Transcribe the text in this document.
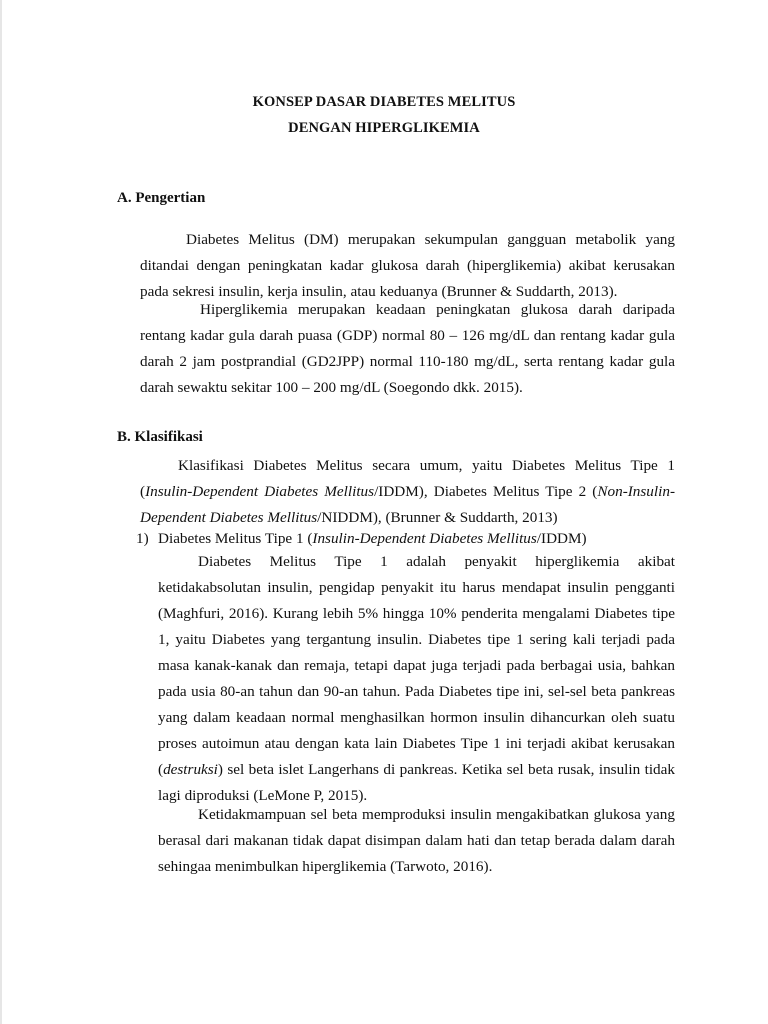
KONSEP DASAR DIABETES MELITUS
DENGAN HIPERGLIKEMIA
A. Pengertian

Diabetes Melitus (DM) merupakan sekumpulan gangguan metabolik yang ditandai dengan peningkatan kadar glukosa darah (hiperglikemia) akibat kerusakan pada sekresi insulin, kerja insulin, atau keduanya (Brunner & Suddarth, 2013).

Hiperglikemia merupakan keadaan peningkatan glukosa darah daripada rentang kadar gula darah puasa (GDP) normal 80 – 126 mg/dL dan rentang kadar gula darah 2 jam postprandial (GD2JPP) normal 110-180 mg/dL, serta rentang kadar gula darah sewaktu sekitar 100 – 200 mg/dL (Soegondo dkk. 2015).

B. Klasifikasi

Klasifikasi Diabetes Melitus secara umum, yaitu Diabetes Melitus Tipe 1 (Insulin-Dependent Diabetes Mellitus/IDDM), Diabetes Melitus Tipe 2 (Non-Insulin-Dependent Diabetes Mellitus/NIDDM), (Brunner & Suddarth, 2013)

1) Diabetes Melitus Tipe 1 (Insulin-Dependent Diabetes Mellitus/IDDM)

Diabetes Melitus Tipe 1 adalah penyakit hiperglikemia akibat ketidakabsolutan insulin, pengidap penyakit itu harus mendapat insulin pengganti (Maghfuri, 2016). Kurang lebih 5% hingga 10% penderita mengalami Diabetes tipe 1, yaitu Diabetes yang tergantung insulin. Diabetes tipe 1 sering kali terjadi pada masa kanak-kanak dan remaja, tetapi dapat juga terjadi pada berbagai usia, bahkan pada usia 80-an tahun dan 90-an tahun. Pada Diabetes tipe ini, sel-sel beta pankreas yang dalam keadaan normal menghasilkan hormon insulin dihancurkan oleh suatu proses autoimun atau dengan kata lain Diabetes Tipe 1 ini terjadi akibat kerusakan (destruksi) sel beta islet Langerhans di pankreas. Ketika sel beta rusak, insulin tidak lagi diproduksi (LeMone P, 2015).

Ketidakmampuan sel beta memproduksi insulin mengakibatkan glukosa yang berasal dari makanan tidak dapat disimpan dalam hati dan tetap berada dalam darah sehingaa menimbulkan hiperglikemia (Tarwoto, 2016).
